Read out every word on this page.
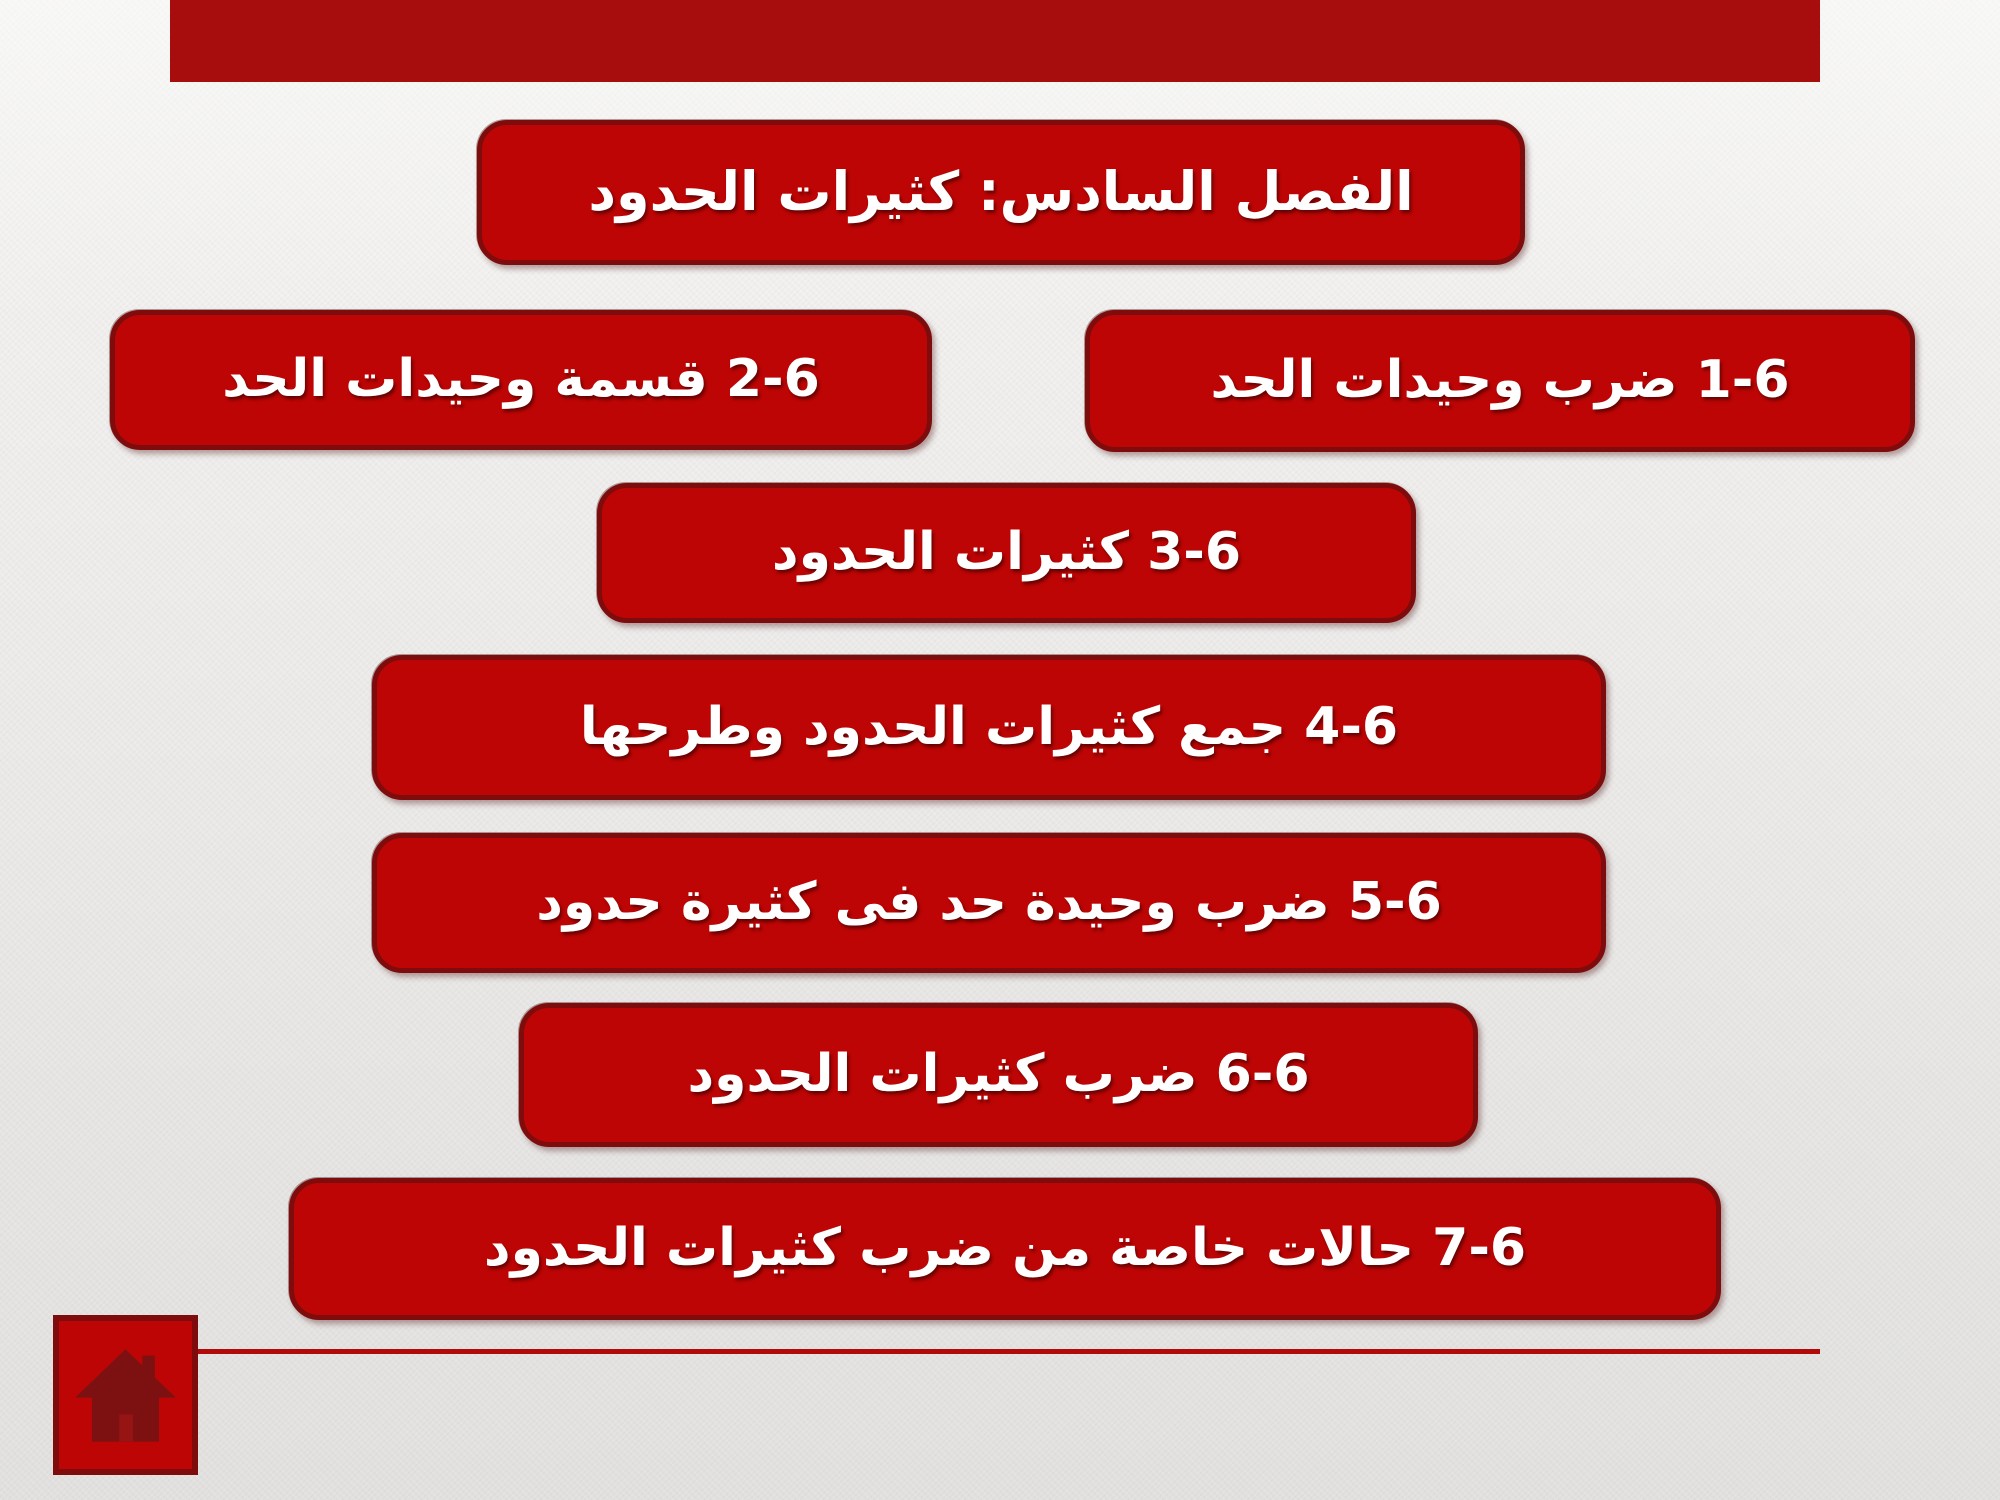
الفصل السادس: كثيرات الحدود
1-6 ضرب وحيدات الحد
2-6 قسمة وحيدات الحد
3-6 كثيرات الحدود
4-6 جمع كثيرات الحدود وطرحها
5-6 ضرب وحيدة حد فى كثيرة حدود
6-6 ضرب كثيرات الحدود
7-6 حالات خاصة من ضرب كثيرات الحدود
